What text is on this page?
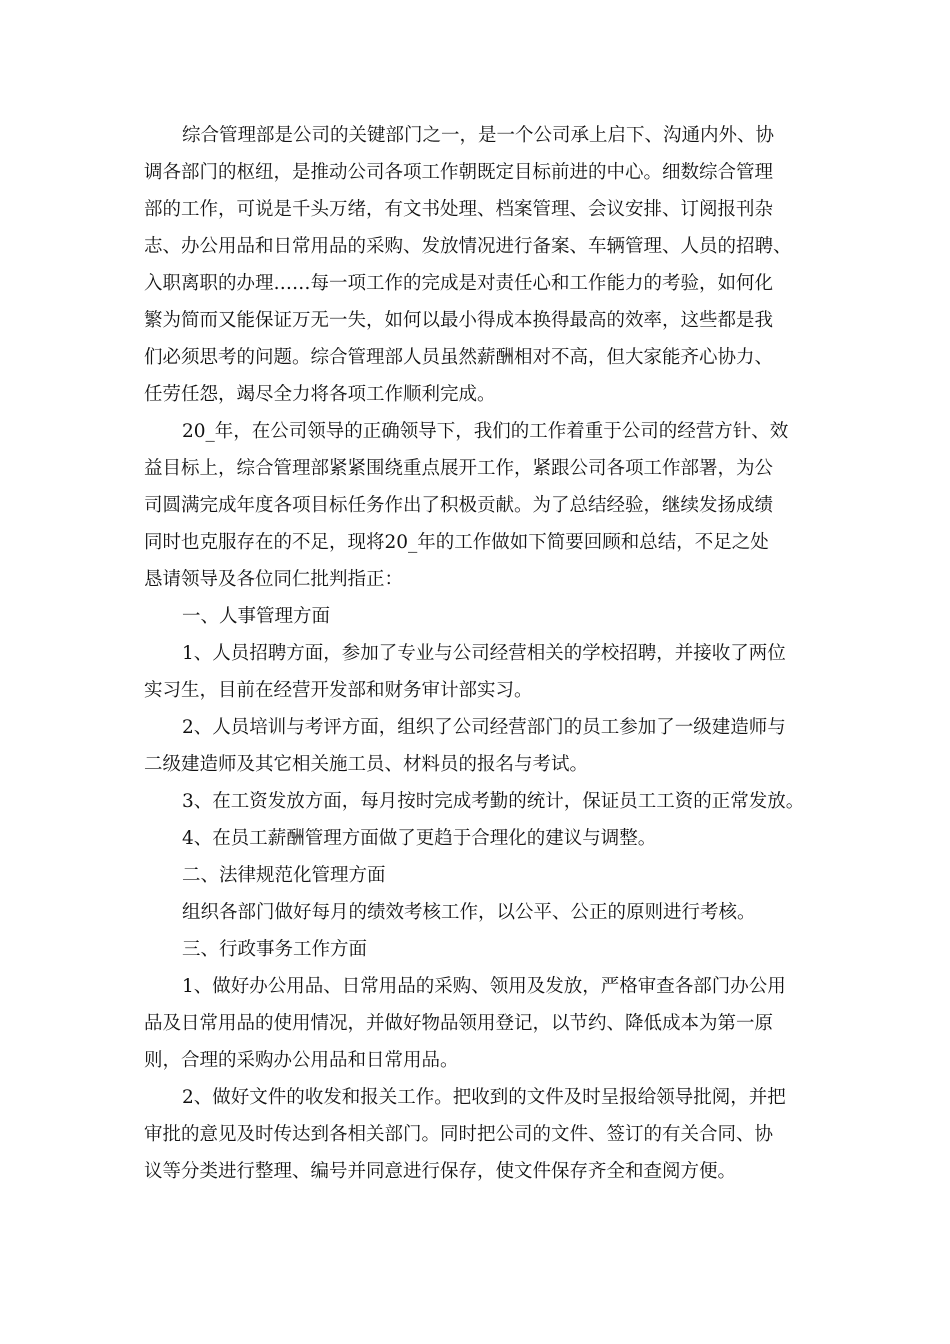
综合管理部是公司的关键部门之一，是一个公司承上启下、沟通内外、协

调各部门的枢纽，是推动公司各项工作朝既定目标前进的中心。细数综合管理

部的工作，可说是千头万绪，有文书处理、档案管理、会议安排、订阅报刊杂

志、办公用品和日常用品的采购、发放情况进行备案、车辆管理、人员的招聘、

入职离职的办理……每一项工作的完成是对责任心和工作能力的考验，如何化

繁为简而又能保证万无一失，如何以最小得成本换得最高的效率，这些都是我

们必须思考的问题。综合管理部人员虽然薪酬相对不高，但大家能齐心协力、

任劳任怨，竭尽全力将各项工作顺利完成。

20_年，在公司领导的正确领导下，我们的工作着重于公司的经营方针、效

益目标上，综合管理部紧紧围绕重点展开工作，紧跟公司各项工作部署，为公

司圆满完成年度各项目标任务作出了积极贡献。为了总结经验，继续发扬成绩

同时也克服存在的不足，现将20_年的工作做如下简要回顾和总结，不足之处

恳请领导及各位同仁批判指正：

一、人事管理方面

1、人员招聘方面，参加了专业与公司经营相关的学校招聘，并接收了两位

实习生，目前在经营开发部和财务审计部实习。

2、人员培训与考评方面，组织了公司经营部门的员工参加了一级建造师与

二级建造师及其它相关施工员、材料员的报名与考试。

3、在工资发放方面，每月按时完成考勤的统计，保证员工工资的正常发放。

4、在员工薪酬管理方面做了更趋于合理化的建议与调整。

二、法律规范化管理方面

组织各部门做好每月的绩效考核工作，以公平、公正的原则进行考核。

三、行政事务工作方面

1、做好办公用品、日常用品的采购、领用及发放，严格审查各部门办公用

品及日常用品的使用情况，并做好物品领用登记，以节约、降低成本为第一原

则，合理的采购办公用品和日常用品。

2、做好文件的收发和报关工作。把收到的文件及时呈报给领导批阅，并把

审批的意见及时传达到各相关部门。同时把公司的文件、签订的有关合同、协

议等分类进行整理、编号并同意进行保存，使文件保存齐全和查阅方便。
